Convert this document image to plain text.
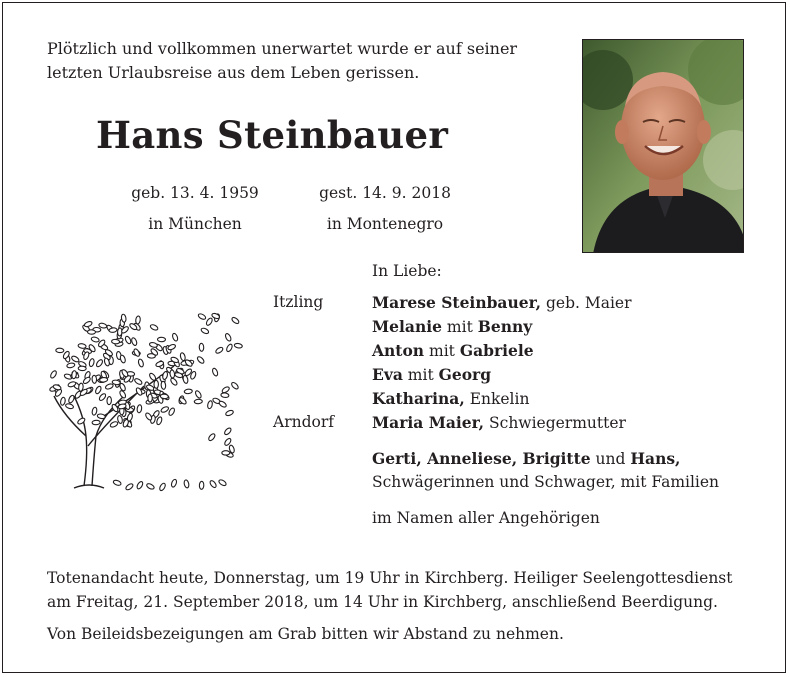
Plötzlich und vollkommen unerwartet wurde er auf seiner
letzten Urlaubsreise aus dem Leben gerissen.
Hans Steinbauer
geb. 13. 4. 1959
in München
gest. 14. 9. 2018
in Montenegro
In Liebe:
Marese Steinbauer, geb. Maier
Melanie mit Benny
Anton mit Gabriele
Eva mit Georg
Katharina, Enkelin
Maria Maier, Schwiegermutter
Gerti, Anneliese, Brigitte und Hans,
Schwägerinnen und Schwager, mit Familien
im Namen aller Angehörigen
Itzling
Arndorf
Totenandacht heute, Donnerstag, um 19 Uhr in Kirchberg. Heiliger Seelengottesdienst
am Freitag, 21. September 2018, um 14 Uhr in Kirchberg, anschließend Beerdigung.
Von Beileidsbezeigungen am Grab bitten wir Abstand zu nehmen.
